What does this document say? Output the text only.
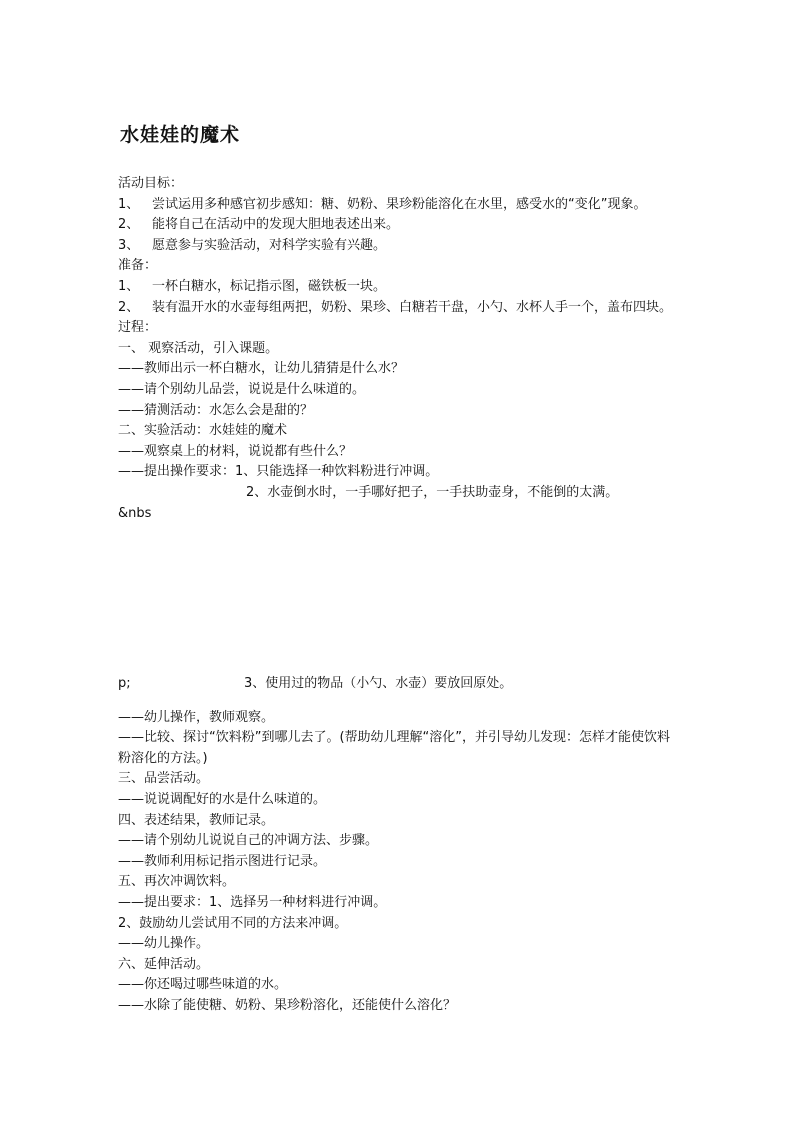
水娃娃的魔术
活动目标：
1、 尝试运用多种感官初步感知：糖、奶粉、果珍粉能溶化在水里，感受水的“变化”现象。
2、 能将自己在活动中的发现大胆地表述出来。
3、 愿意参与实验活动，对科学实验有兴趣。
准备：
1、 一杯白糖水，标记指示图，磁铁板一块。
2、 装有温开水的水壶每组两把，奶粉、果珍、白糖若干盘，小勺、水杯人手一个，盖布四块。
过程：
一、 观察活动，引入课题。
——教师出示一杯白糖水，让幼儿猜猜是什么水？
——请个别幼儿品尝，说说是什么味道的。
——猜测活动：水怎么会是甜的？
二、实验活动：水娃娃的魔术
——观察桌上的材料，说说都有些什么？
——提出操作要求：1、只能选择一种饮料粉进行冲调。
2、水壶倒水时，一手哪好把子，一手扶助壶身，不能倒的太满。
&nbs
p;	3、使用过的物品（小勺、水壶）要放回原处。
——幼儿操作，教师观察。
——比较、探讨“饮料粉”到哪儿去了。(帮助幼儿理解“溶化”，并引导幼儿发现：怎样才能使饮料粉溶化的方法。)
三、品尝活动。
——说说调配好的水是什么味道的。
四、表述结果，教师记录。
——请个别幼儿说说自己的冲调方法、步骤。
——教师利用标记指示图进行记录。
五、再次冲调饮料。
——提出要求：1、选择另一种材料进行冲调。
2、鼓励幼儿尝试用不同的方法来冲调。
——幼儿操作。
六、延伸活动。
——你还喝过哪些味道的水。
——水除了能使糖、奶粉、果珍粉溶化，还能使什么溶化？
